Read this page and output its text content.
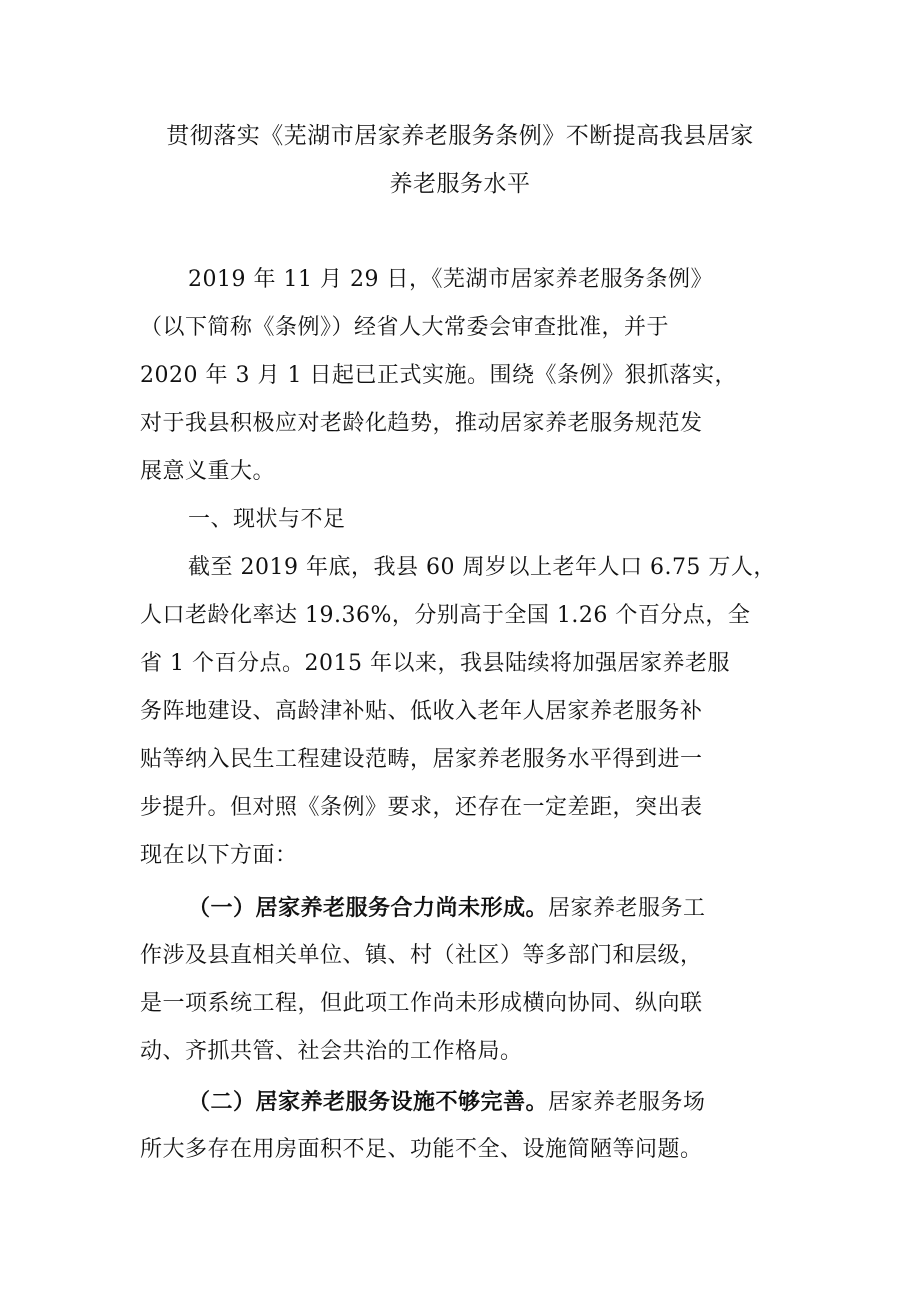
贯彻落实《芜湖市居家养老服务条例》不断提高我县居家
养老服务水平

2019 年 11 月 29 日，《芜湖市居家养老服务条例》
（以下简称《条例》）经省人大常委会审查批准，并于
2020 年 3 月 1 日起已正式实施。围绕《条例》狠抓落实，
对于我县积极应对老龄化趋势，推动居家养老服务规范发
展意义重大。

一、现状与不足

截至 2019 年底，我县 60 周岁以上老年人口 6.75 万人，
人口老龄化率达 19.36%，分别高于全国 1.26 个百分点，全
省 1 个百分点。2015 年以来，我县陆续将加强居家养老服
务阵地建设、高龄津补贴、低收入老年人居家养老服务补
贴等纳入民生工程建设范畴，居家养老服务水平得到进一
步提升。但对照《条例》要求，还存在一定差距，突出表
现在以下方面：

（一）居家养老服务合力尚未形成。居家养老服务工
作涉及县直相关单位、镇、村（社区）等多部门和层级，
是一项系统工程，但此项工作尚未形成横向协同、纵向联
动、齐抓共管、社会共治的工作格局。

（二）居家养老服务设施不够完善。居家养老服务场
所大多存在用房面积不足、功能不全、设施简陋等问题。
